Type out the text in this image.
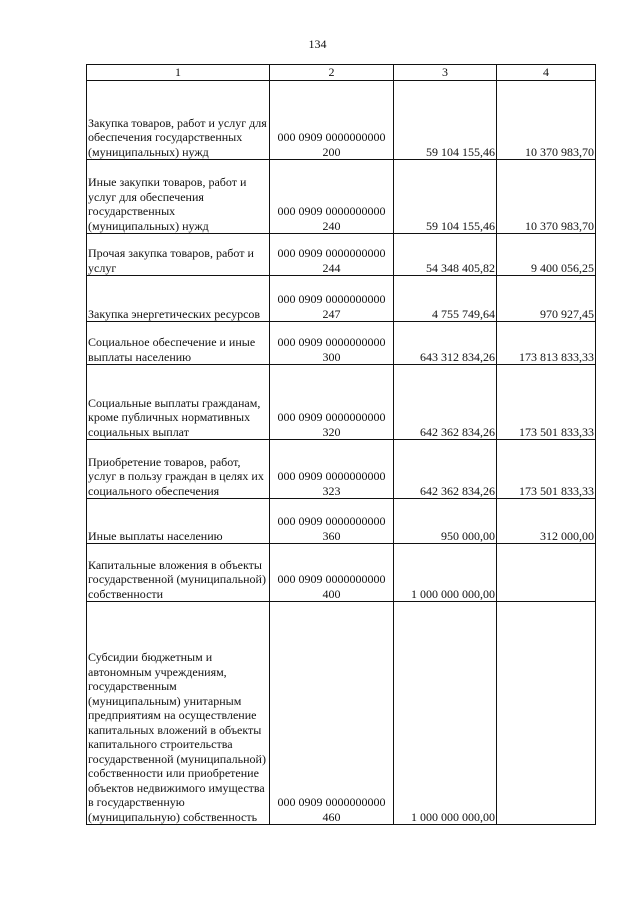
134
1	2	3	4
Закупка товаров, работ и услуг для обеспечения государственных (муниципальных) нужд	000 0909 0000000000
200	59 104 155,46	10 370 983,70
Иные закупки товаров, работ и услуг для обеспечения государственных (муниципальных) нужд	000 0909 0000000000
240	59 104 155,46	10 370 983,70
Прочая закупка товаров, работ и услуг	000 0909 0000000000
244	54 348 405,82	9 400 056,25
Закупка энергетических ресурсов	000 0909 0000000000
247	4 755 749,64	970 927,45
Социальное обеспечение и иные выплаты населению	000 0909 0000000000
300	643 312 834,26	173 813 833,33
Социальные выплаты гражданам, кроме публичных нормативных социальных выплат	000 0909 0000000000
320	642 362 834,26	173 501 833,33
Приобретение товаров, работ, услуг в пользу граждан в целях их социального обеспечения	000 0909 0000000000
323	642 362 834,26	173 501 833,33
Иные выплаты населению	000 0909 0000000000
360	950 000,00	312 000,00
Капитальные вложения в объекты государственной (муниципальной) собственности	000 0909 0000000000
400	1 000 000 000,00	
Субсидии бюджетным и автономным учреждениям, государственным (муниципальным) унитарным предприятиям на осуществление капитальных вложений в объекты капитального строительства государственной (муниципальной) собственности или приобретение объектов недвижимого имущества в государственную (муниципальную) собственность	000 0909 0000000000
460	1 000 000 000,00	
